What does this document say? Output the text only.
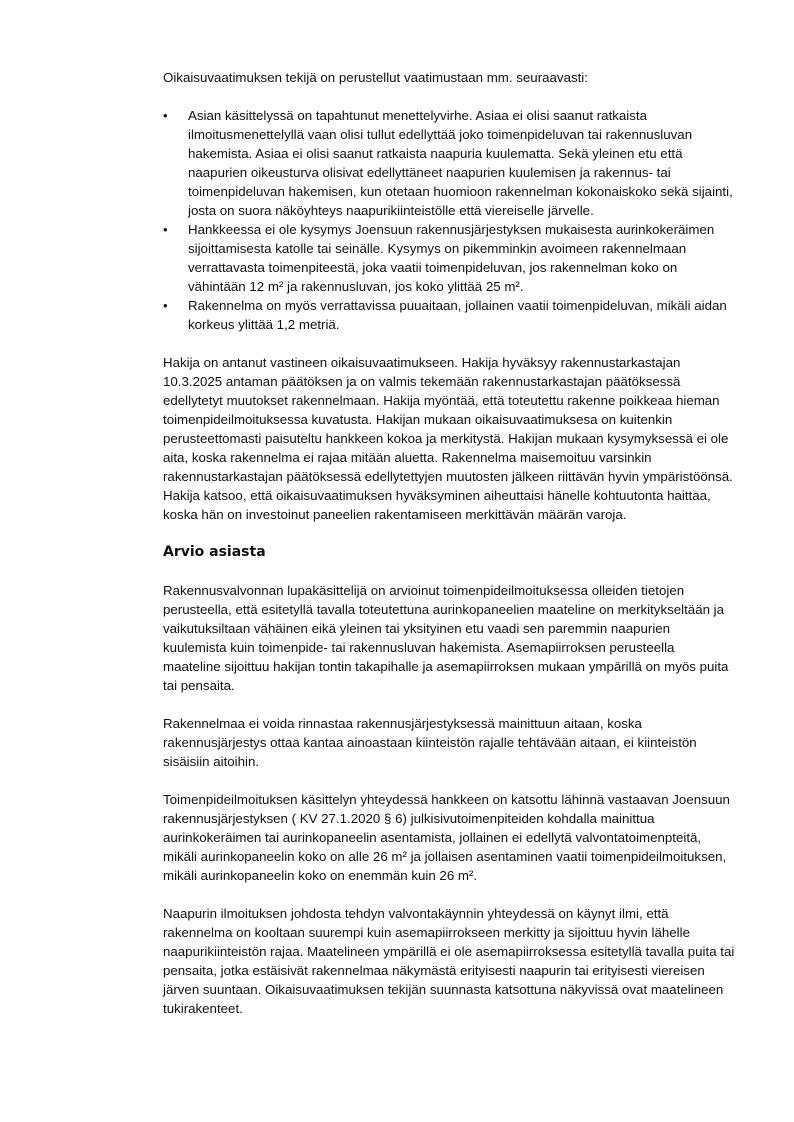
Oikaisuvaatimuksen tekijä on perustellut vaatimustaan mm. seuraavasti:

• Asian käsittelyssä on tapahtunut menettelyvirhe. Asiaa ei olisi saanut ratkaista ilmoitusmenettelyllä vaan olisi tullut edellyttää joko toimenpideluvan tai rakennusluvan hakemista. Asiaa ei olisi saanut ratkaista naapuria kuulematta. Sekä yleinen etu että naapurien oikeusturva olisivat edellyttäneet naapurien kuulemisen ja rakennus- tai toimenpideluvan hakemisen, kun otetaan huomioon rakennelman kokonaiskoko sekä sijainti, josta on suora näköyhteys naapurikiinteistölle että viereiselle järvelle.
• Hankkeessa ei ole kysymys Joensuun rakennusjärjestyksen mukaisesta aurinkokeräimen sijoittamisesta katolle tai seinälle. Kysymys on pikemminkin avoimeen rakennelmaan verrattavasta toimenpiteestä, joka vaatii toimenpideluvan, jos rakennelman koko on vähintään 12 m² ja rakennusluvan, jos koko ylittää 25 m².
• Rakennelma on myös verrattavissa puuaitaan, jollainen vaatii toimenpideluvan, mikäli aidan korkeus ylittää 1,2 metriä.

Hakija on antanut vastineen oikaisuvaatimukseen. Hakija hyväksyy rakennustarkastajan 10.3.2025 antaman päätöksen ja on valmis tekemään rakennustarkastajan päätöksessä edellytetyt muutokset rakennelmaan. Hakija myöntää, että toteutettu rakenne poikkeaa hieman toimenpideilmoituksessa kuvatusta. Hakijan mukaan oikaisuvaatimuksesa on kuitenkin perusteettomasti paisuteltu hankkeen kokoa ja merkitystä. Hakijan mukaan kysymyksessä ei ole aita, koska rakennelma ei rajaa mitään aluetta. Rakennelma maisemoituu varsinkin rakennustarkastajan päätöksessä edellytettyjen muutosten jälkeen riittävän hyvin ympäristöönsä. Hakija katsoo, että oikaisuvaatimuksen hyväksyminen aiheuttaisi hänelle kohtuutonta haittaa, koska hän on investoinut paneelien rakentamiseen merkittävän määrän varoja.

Arvio asiasta

Rakennusvalvonnan lupakäsittelijä on arvioinut toimenpideilmoituksessa olleiden tietojen perusteella, että esitetyllä tavalla toteutettuna aurinkopaneelien maateline on merkitykseltään ja vaikutuksiltaan vähäinen eikä yleinen tai yksityinen etu vaadi sen paremmin naapurien kuulemista kuin toimenpide- tai rakennusluvan hakemista. Asemapiirroksen perusteella maateline sijoittuu hakijan tontin takapihalle ja asemapiirroksen mukaan ympärillä on myös puita tai pensaita.

Rakennelmaa ei voida rinnastaa rakennusjärjestyksessä mainittuun aitaan, koska rakennusjärjestys ottaa kantaa ainoastaan kiinteistön rajalle tehtävään aitaan, ei kiinteistön sisäisiin aitoihin.

Toimenpideilmoituksen käsittelyn yhteydessä hankkeen on katsottu lähinnä vastaavan Joensuun rakennusjärjestyksen ( KV 27.1.2020 § 6) julkisivutoimenpiteiden kohdalla mainittua aurinkokeräimen tai aurinkopaneelin asentamista, jollainen ei edellytä valvontatoimenpteitä, mikäli aurinkopaneelin koko on alle 26 m² ja jollaisen asentaminen vaatii toimenpideilmoituksen, mikäli aurinkopaneelin koko on enemmän kuin 26 m².

Naapurin ilmoituksen johdosta tehdyn valvontakäynnin yhteydessä on käynyt ilmi, että rakennelma on kooltaan suurempi kuin asemapiirrokseen merkitty ja sijoittuu hyvin lähelle naapurikiinteistön rajaa. Maatelineen ympärillä ei ole asemapiirroksessa esitetyllä tavalla puita tai pensaita, jotka estäisivät rakennelmaa näkymästä erityisesti naapurin tai erityisesti viereisen järven suuntaan. Oikaisuvaatimuksen tekijän suunnasta katsottuna näkyvissä ovat maatelineen tukirakenteet.
